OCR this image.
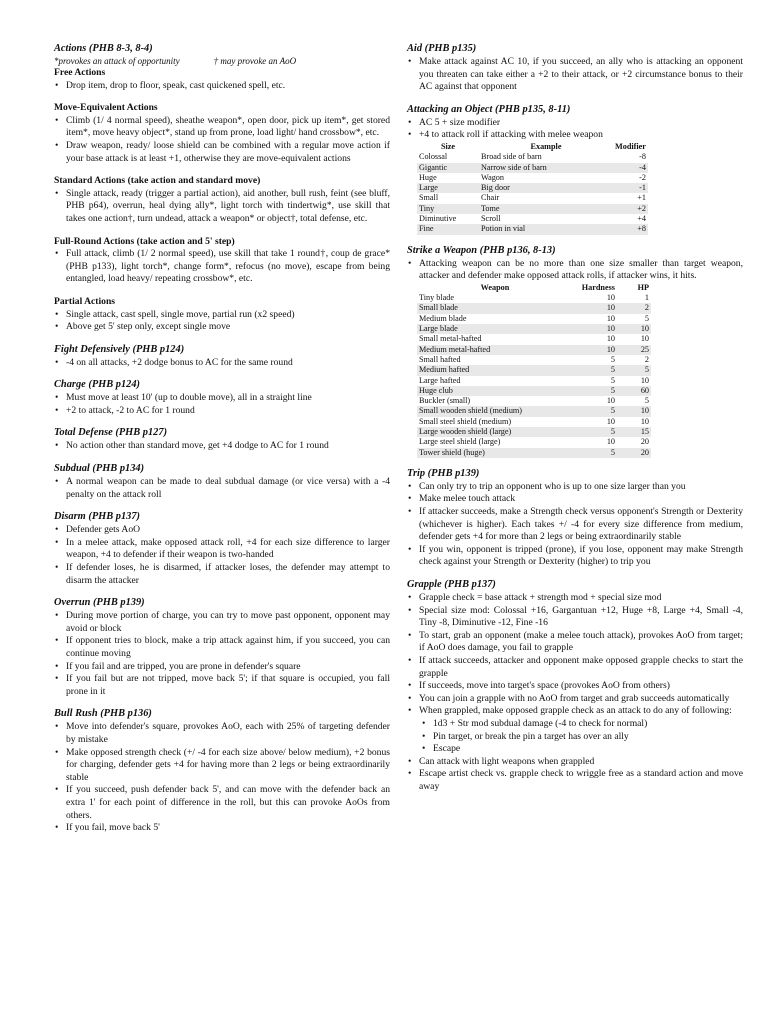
Actions (PHB 8-3, 8-4)
*provokes an attack of opportunity	† may provoke an AoO
Free Actions
• Drop item, drop to floor, speak, cast quickened spell, etc.
Move-Equivalent Actions
• Climb (1/ 4 normal speed), sheathe weapon*, open door, pick up item*, get stored item*, move heavy object*, stand up from prone, load light/ hand crossbow*, etc.
• Draw weapon, ready/ loose shield can be combined with a regular move action if your base attack is at least +1, otherwise they are move-equivalent actions
Standard Actions (take action and standard move)
• Single attack, ready (trigger a partial action), aid another, bull rush, feint (see bluff, PHB p64), overrun, heal dying ally*, light torch with tindertwig*, use skill that takes one action†, turn undead, attack a weapon* or object†, total defense, etc.
Full-Round Actions (take action and 5' step)
• Full attack, climb (1/ 2 normal speed), use skill that take 1 round†, coup de grace* (PHB p133), light torch*, change form*, refocus (no move), escape from being entangled, load heavy/ repeating crossbow*, etc.
Partial Actions
• Single attack, cast spell, single move, partial run (x2 speed)
• Above get 5' step only, except single move
Fight Defensively (PHB p124)
• -4 on all attacks, +2 dodge bonus to AC for the same round
Charge (PHB p124)
• Must move at least 10' (up to double move), all in a straight line
• +2 to attack, -2 to AC for 1 round
Total Defense (PHB p127)
• No action other than standard move, get +4 dodge to AC for 1 round
Subdual (PHB p134)
• A normal weapon can be made to deal subdual damage (or vice versa) with a -4 penalty on the attack roll
Disarm (PHB p137)
• Defender gets AoO
• In a melee attack, make opposed attack roll, +4 for each size difference to larger weapon, +4 to defender if their weapon is two-handed
• If defender loses, he is disarmed, if attacker loses, the defender may attempt to disarm the attacker
Overrun (PHB p139)
• During move portion of charge, you can try to move past opponent, opponent may avoid or block
• If opponent tries to block, make a trip attack against him, if you succeed, you can continue moving
• If you fail and are tripped, you are prone in defender's square
• If you fail but are not tripped, move back 5'; if that square is occupied, you fall prone in it
Bull Rush (PHB p136)
• Move into defender's square, provokes AoO, each with 25% of targeting defender by mistake
• Make opposed strength check (+/ -4 for each size above/ below medium), +2 bonus for charging, defender gets +4 for having more than 2 legs or being extraordinarily stable
• If you succeed, push defender back 5', and can move with the defender back an extra 1' for each point of difference in the roll, but this can provoke AoOs from others.
• If you fail, move back 5'
Aid (PHB p135)
• Make attack against AC 10, if you succeed, an ally who is attacking an opponent you threaten can take either a +2 to their attack, or +2 circumstance bonus to their AC against that opponent
Attacking an Object (PHB p135, 8-11)
• AC 5 + size modifier
• +4 to attack roll if attacking with melee weapon
Size	Example	Modifier
Colossal	Broad side of barn	-8
Gigantic	Narrow side of barn	-4
Huge	Wagon	-2
Large	Big door	-1
Small	Chair	+1
Tiny	Tome	+2
Diminutive	Scroll	+4
Fine	Potion in vial	+8
Strike a Weapon (PHB p136, 8-13)
• Attacking weapon can be no more than one size smaller than target weapon, attacker and defender make opposed attack rolls, if attacker wins, it hits.
Weapon	Hardness	HP
Tiny blade	10	1
Small blade	10	2
Medium blade	10	5
Large blade	10	10
Small metal-hafted	10	10
Medium metal-hafted	10	25
Small hafted	5	2
Medium hafted	5	5
Large hafted	5	10
Huge club	5	60
Buckler (small)	10	5
Small wooden shield (medium)	5	10
Small steel shield (medium)	10	10
Large wooden shield (large)	5	15
Large steel shield (large)	10	20
Tower shield (huge)	5	20
Trip (PHB p139)
• Can only try to trip an opponent who is up to one size larger than you
• Make melee touch attack
• If attacker succeeds, make a Strength check versus opponent's Strength or Dexterity (whichever is higher). Each takes +/ -4 for every size difference from medium, defender gets +4 for more than 2 legs or being extraordinarily stable
• If you win, opponent is tripped (prone), if you lose, opponent may make Strength check against your Strength or Dexterity (higher) to trip you
Grapple (PHB p137)
• Grapple check = base attack + strength mod + special size mod
• Special size mod: Colossal +16, Gargantuan +12, Huge +8, Large +4, Small -4, Tiny -8, Diminutive -12, Fine -16
• To start, grab an opponent (make a melee touch attack), provokes AoO from target; if AoO does damage, you fail to grapple
• If attack succeeds, attacker and opponent make opposed grapple checks to start the grapple
• If succeeds, move into target's space (provokes AoO from others)
• You can join a grapple with no AoO from target and grab succeeds automatically
• When grappled, make opposed grapple check as an attack to do any of following:
• 1d3 + Str mod subdual damage (-4 to check for normal)
• Pin target, or break the pin a target has over an ally
• Escape
• Can attack with light weapons when grappled
• Escape artist check vs. grapple check to wriggle free as a standard action and move away
